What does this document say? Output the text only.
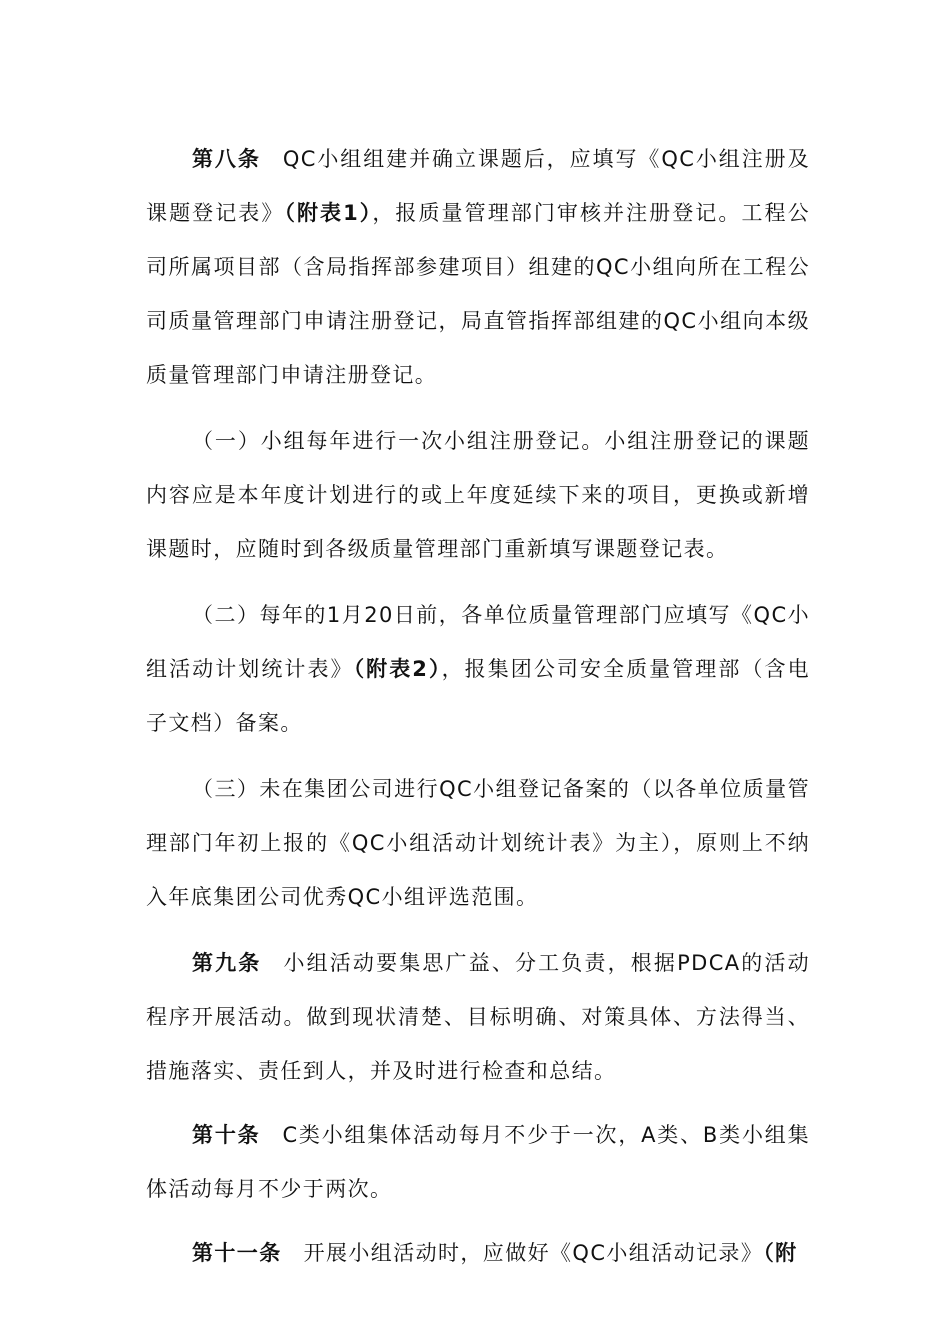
第八条 QC小组组建并确立课题后，应填写《QC小组注册及课题登记表》（附表1），报质量管理部门审核并注册登记。工程公司所属项目部（含局指挥部参建项目）组建的QC小组向所在工程公司质量管理部门申请注册登记，局直管指挥部组建的QC小组向本级质量管理部门申请注册登记。

（一）小组每年进行一次小组注册登记。小组注册登记的课题内容应是本年度计划进行的或上年度延续下来的项目，更换或新增课题时，应随时到各级质量管理部门重新填写课题登记表。

（二）每年的1月20日前，各单位质量管理部门应填写《QC小组活动计划统计表》（附表2），报集团公司安全质量管理部（含电子文档）备案。

（三）未在集团公司进行QC小组登记备案的（以各单位质量管理部门年初上报的《QC小组活动计划统计表》为主），原则上不纳入年底集团公司优秀QC小组评选范围。

第九条 小组活动要集思广益、分工负责，根据PDCA的活动程序开展活动。做到现状清楚、目标明确、对策具体、方法得当、措施落实、责任到人，并及时进行检查和总结。

第十条 C类小组集体活动每月不少于一次，A类、B类小组集体活动每月不少于两次。

第十一条 开展小组活动时，应做好《QC小组活动记录》（附
